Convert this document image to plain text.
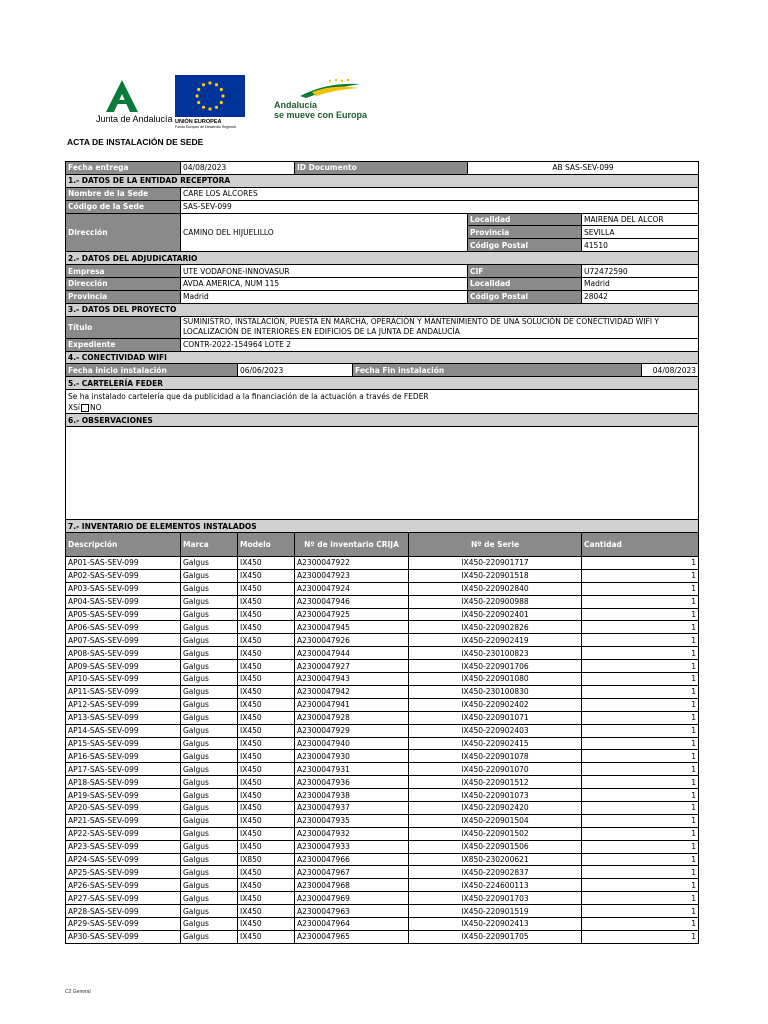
Junta de Andalucía UNIÓN EUROPEA
Fondo Europeo de Desarrollo Regional
Andalucía
se mueve con Europa
ACTA DE INSTALACIÓN DE SEDE
Fecha entrega	04/08/2023		ID Documento			AB SAS-SEV-099		
1.- DATOS DE LA ENTIDAD RECEPTORA								
Nombre de la Sede	CARE LOS ALCORES							
Código de la Sede	SAS-SEV-099							
Dirección	CAMINO DEL HIJUELILLO					Localidad	MAIRENA DEL ALCOR	
						Provincia	SEVILLA	
						Código Postal	41510	
2.- DATOS DEL ADJUDICATARIO								
Empresa	UTE VODAFONE-INNOVASUR					CIF	U72472590	
Dirección	AVDA AMERICA, NUM 115					Localidad	Madrid	
Provincia	Madrid					Código Postal	28042	
3.- DATOS DEL PROYECTO								
Título	SUMINISTRO, INSTALACIÓN, PUESTA EN MARCHA, OPERACIÓN Y MANTENIMIENTO DE UNA SOLUCIÓN DE CONECTIVIDAD WIFI Y LOCALIZACIÓN DE INTERIORES EN EDIFICIOS DE LA JUNTA DE ANDALUCÍA							
Expediente	CONTR-2022-154964 LOTE 2							
4.- CONECTIVIDAD WIFI								
Fecha inicio instalación		06/06/2023		Fecha Fin instalación				04/08/2023
5.- CARTELERÍA FEDER								

Se ha instalado cartelería que da publicidad a la financiación de la actuación a través de FEDER
XSí NO								

6.- OBSERVACIONES								

7.- INVENTARIO DE ELEMENTOS INSTALADOS								
Descripción	Marca	Modelo	Nº de inventario CRIJA		Nº de Serie		Cantidad	
AP01-SAS-SEV-099	Galgus	IX450	A2300047922		IX450-220901717		1	
AP02-SAS-SEV-099	Galgus	IX450	A2300047923		IX450-220901518		1	
AP03-SAS-SEV-099	Galgus	IX450	A2300047924		IX450-220902840		1	
AP04-SAS-SEV-099	Galgus	IX450	A2300047946		IX450-220900988		1	
AP05-SAS-SEV-099	Galgus	IX450	A2300047925		IX450-220902401		1	
AP06-SAS-SEV-099	Galgus	IX450	A2300047945		IX450-220902826		1	
AP07-SAS-SEV-099	Galgus	IX450	A2300047926		IX450-220902419		1	
AP08-SAS-SEV-099	Galgus	IX450	A2300047944		IX450-230100823		1	
AP09-SAS-SEV-099	Galgus	IX450	A2300047927		IX450-220901706		1	
AP10-SAS-SEV-099	Galgus	IX450	A2300047943		IX450-220901080		1	
AP11-SAS-SEV-099	Galgus	IX450	A2300047942		IX450-230100830		1	
AP12-SAS-SEV-099	Galgus	IX450	A2300047941		IX450-220902402		1	
AP13-SAS-SEV-099	Galgus	IX450	A2300047928		IX450-220901071		1	
AP14-SAS-SEV-099	Galgus	IX450	A2300047929		IX450-220902403		1	
AP15-SAS-SEV-099	Galgus	IX450	A2300047940		IX450-220902415		1	
AP16-SAS-SEV-099	Galgus	IX450	A2300047930		IX450-220901078		1	
AP17-SAS-SEV-099	Galgus	IX450	A2300047931		IX450-220901070		1	
AP18-SAS-SEV-099	Galgus	IX450	A2300047936		IX450-220901512		1	
AP19-SAS-SEV-099	Galgus	IX450	A2300047938		IX450-220901073		1	
AP20-SAS-SEV-099	Galgus	IX450	A2300047937		IX450-220902420		1	
AP21-SAS-SEV-099	Galgus	IX450	A2300047935		IX450-220901504		1	
AP22-SAS-SEV-099	Galgus	IX450	A2300047932		IX450-220901502		1	
AP23-SAS-SEV-099	Galgus	IX450	A2300047933		IX450-220901506		1	
AP24-SAS-SEV-099	Galgus	IX850	A2300047966		IX850-230200621		1	
AP25-SAS-SEV-099	Galgus	IX450	A2300047967		IX450-220902837		1	
AP26-SAS-SEV-099	Galgus	IX450	A2300047968		IX450-224600113		1	
AP27-SAS-SEV-099	Galgus	IX450	A2300047969		IX450-220901703		1	
AP28-SAS-SEV-099	Galgus	IX450	A2300047963		IX450-220901519		1	
AP29-SAS-SEV-099	Galgus	IX450	A2300047964		IX450-220902413		1	
AP30-SAS-SEV-099	Galgus	IX450	A2300047965		IX450-220901705		1	
C2 General
